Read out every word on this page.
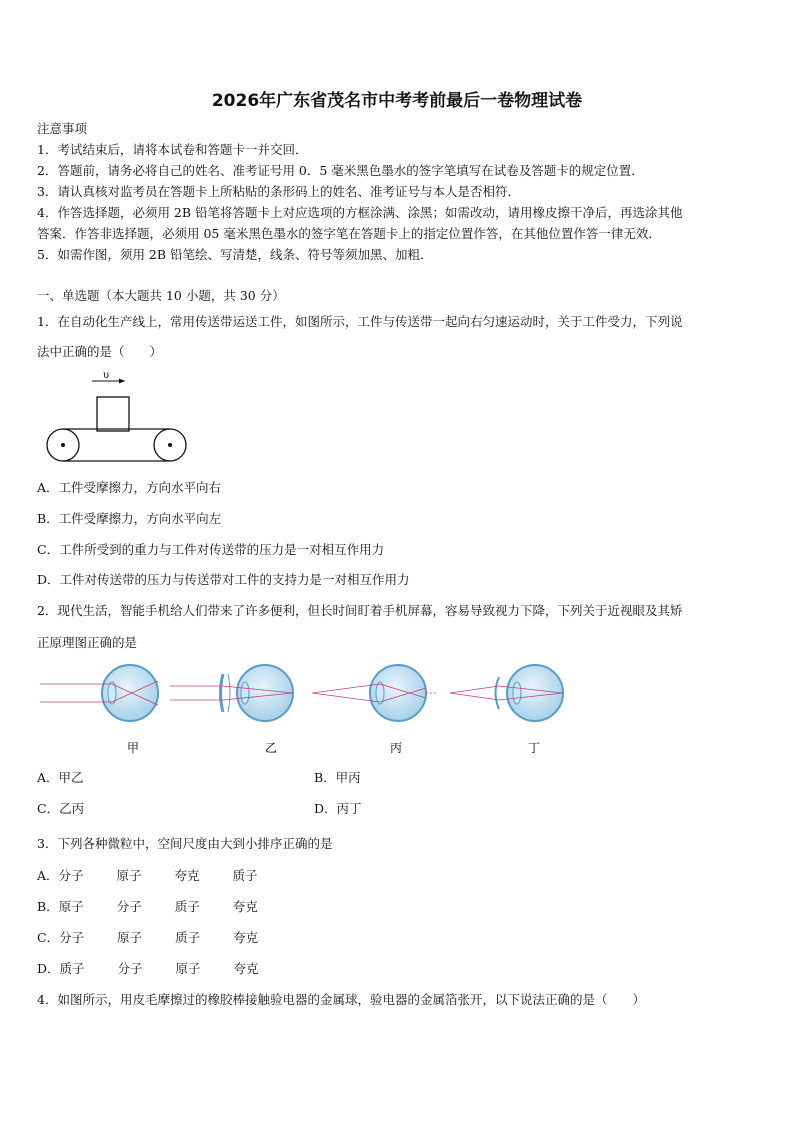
2026年广东省茂名市中考考前最后一卷物理试卷
注意事项
1．考试结束后，请将本试卷和答题卡一并交回．
2．答题前，请务必将自己的姓名、准考证号用 0．5 毫米黑色墨水的签字笔填写在试卷及答题卡的规定位置．
3．请认真核对监考员在答题卡上所粘贴的条形码上的姓名、准考证号与本人是否相符．
4．作答选择题，必须用 2B 铅笔将答题卡上对应选项的方框涂满、涂黑；如需改动，请用橡皮擦干净后，再选涂其他
答案．作答非选择题，必须用 05 毫米黑色墨水的签字笔在答题卡上的指定位置作答，在其他位置作答一律无效．
5．如需作图，须用 2B 铅笔绘、写清楚，线条、符号等须加黑、加粗．
一、单选题（本大题共 10 小题，共 30 分）
1．在自动化生产线上，常用传送带运送工件，如图所示，工件与传送带一起向右匀速运动时，关于工件受力，下列说
法中正确的是（　　）
υ
A．工件受摩擦力，方向水平向右
B．工件受摩擦力，方向水平向左
C．工件所受到的重力与工件对传送带的压力是一对相互作用力
D．工件对传送带的压力与传送带对工件的支持力是一对相互作用力
2．现代生活，智能手机给人们带来了许多便利，但长时间盯着手机屏幕，容易导致视力下降，下列关于近视眼及其矫
正原理图正确的是
甲	乙	丙	丁
A．甲乙	B．甲丙
C．乙丙	D．丙丁
3．下列各种微粒中，空间尺度由大到小排序正确的是
A．分子	原子	夸克	质子
B．原子	分子	质子	夸克
C．分子	原子	质子	夸克
D．质子	分子	原子	夸克
4．如图所示，用皮毛摩擦过的橡胶棒接触验电器的金属球，验电器的金属箔张开，以下说法正确的是（　　）
